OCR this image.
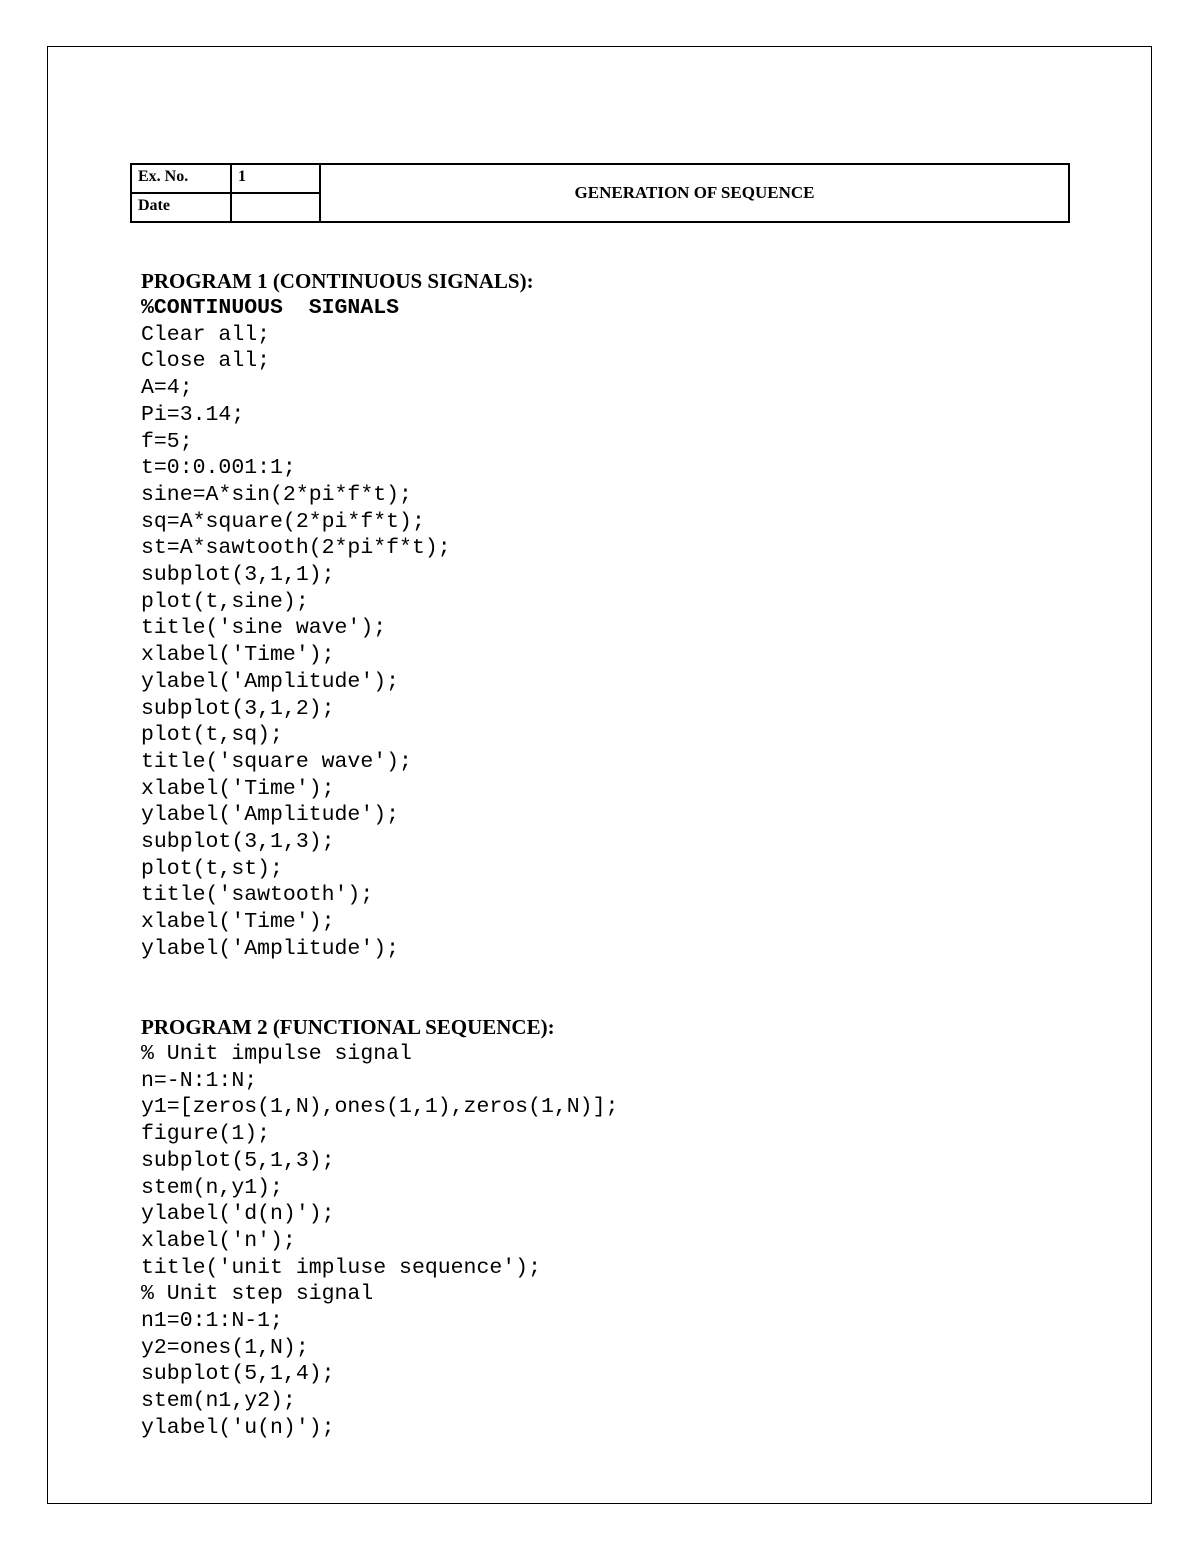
Ex. No.	1	GENERATION OF SEQUENCE
Date		
PROGRAM 1 (CONTINUOUS SIGNALS):
%CONTINUOUS  SIGNALS
Clear all;
Close all;
A=4;
Pi=3.14;
f=5;
t=0:0.001:1;
sine=A*sin(2*pi*f*t);
sq=A*square(2*pi*f*t);
st=A*sawtooth(2*pi*f*t);
subplot(3,1,1);
plot(t,sine);
title('sine wave');
xlabel('Time');
ylabel('Amplitude');
subplot(3,1,2);
plot(t,sq);
title('square wave');
xlabel('Time');
ylabel('Amplitude');
subplot(3,1,3);
plot(t,st);
title('sawtooth');
xlabel('Time');
ylabel('Amplitude');
PROGRAM 2 (FUNCTIONAL SEQUENCE):
% Unit impulse signal
n=-N:1:N;
y1=[zeros(1,N),ones(1,1),zeros(1,N)];
figure(1);
subplot(5,1,3);
stem(n,y1);
ylabel('d(n)');
xlabel('n');
title('unit impluse sequence');
% Unit step signal
n1=0:1:N-1;
y2=ones(1,N);
subplot(5,1,4);
stem(n1,y2);
ylabel('u(n)');
